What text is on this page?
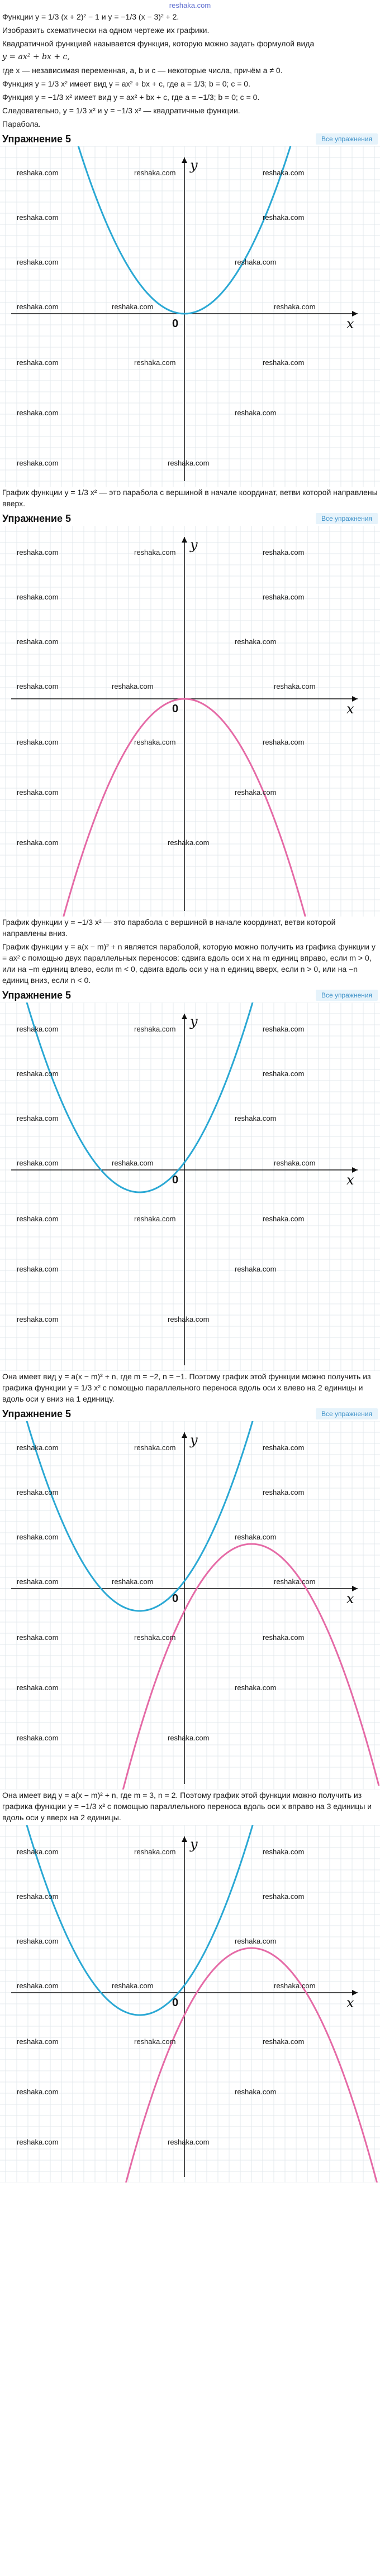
reshaka.com

Функции y = 1/3 (x + 2)² − 1 и y = −1/3 (x − 3)² + 2.

Изобразить схематически на одном чертеже их графики.

Квадратичной функцией называется функция, которую можно задать формулой вида

y = ax² + bx + c,

где x — независимая переменная, a, b и c — некоторые числа, причём a ≠ 0.

Функция y = 1/3 x² имеет вид y = ax² + bx + c, где a = 1/3; b = 0; c = 0.

Функция y = −1/3 x² имеет вид y = ax² + bx + c, где a = −1/3; b = 0; c = 0.

Следовательно, y = 1/3 x² и y = −1/3 x² — квадратичные функции.

Парабола.

Упражнение 5	Все упражнения
x
y
0
reshaka.com	reshaka.com	reshaka.com
reshaka.com	reshaka.com
reshaka.com	reshaka.com
reshaka.com	reshaka.com	reshaka.com
reshaka.com	reshaka.com	reshaka.com
reshaka.com	reshaka.com
reshaka.com	reshaka.com

График функции y = 1/3 x² — это парабола с вершиной в начале координат, ветви которой направлены вверх.

Упражнение 5	Все упражнения
x
y
0
reshaka.com	reshaka.com	reshaka.com
reshaka.com	reshaka.com
reshaka.com	reshaka.com
reshaka.com	reshaka.com	reshaka.com
reshaka.com	reshaka.com	reshaka.com
reshaka.com	reshaka.com
reshaka.com	reshaka.com

График функции y = −1/3 x² — это парабола с вершиной в начале координат, ветви которой направлены вниз.

График функции y = a(x − m)² + n является параболой, которую можно получить из графика функции y = ax² с помощью двух параллельных переносов: сдвига вдоль оси x на m единиц вправо, если m > 0, или на −m единиц влево, если m < 0, сдвига вдоль оси y на n единиц вверх, если n > 0, или на −n единиц вниз, если n < 0.

Упражнение 5	Все упражнения
x
y
0
reshaka.com	reshaka.com	reshaka.com
reshaka.com	reshaka.com
reshaka.com	reshaka.com
reshaka.com	reshaka.com	reshaka.com
reshaka.com	reshaka.com	reshaka.com
reshaka.com	reshaka.com
reshaka.com	reshaka.com

Она имеет вид y = a(x − m)² + n, где m = −2, n = −1. Поэтому график этой функции можно получить из графика функции y = 1/3 x² с помощью параллельного переноса вдоль оси x влево на 2 единицы и вдоль оси y вниз на 1 единицу.

Упражнение 5	Все упражнения
x
y
0
reshaka.com	reshaka.com	reshaka.com
reshaka.com	reshaka.com
reshaka.com	reshaka.com
reshaka.com	reshaka.com	reshaka.com
reshaka.com	reshaka.com	reshaka.com
reshaka.com	reshaka.com
reshaka.com	reshaka.com

Она имеет вид y = a(x − m)² + n, где m = 3, n = 2. Поэтому график этой функции можно получить из графика функции y = −1/3 x² с помощью параллельного переноса вдоль оси x вправо на 3 единицы и вдоль оси y вверх на 2 единицы.

x
y
0
reshaka.com	reshaka.com	reshaka.com
reshaka.com	reshaka.com
reshaka.com	reshaka.com
reshaka.com	reshaka.com	reshaka.com
reshaka.com	reshaka.com	reshaka.com
reshaka.com	reshaka.com
reshaka.com	reshaka.com
